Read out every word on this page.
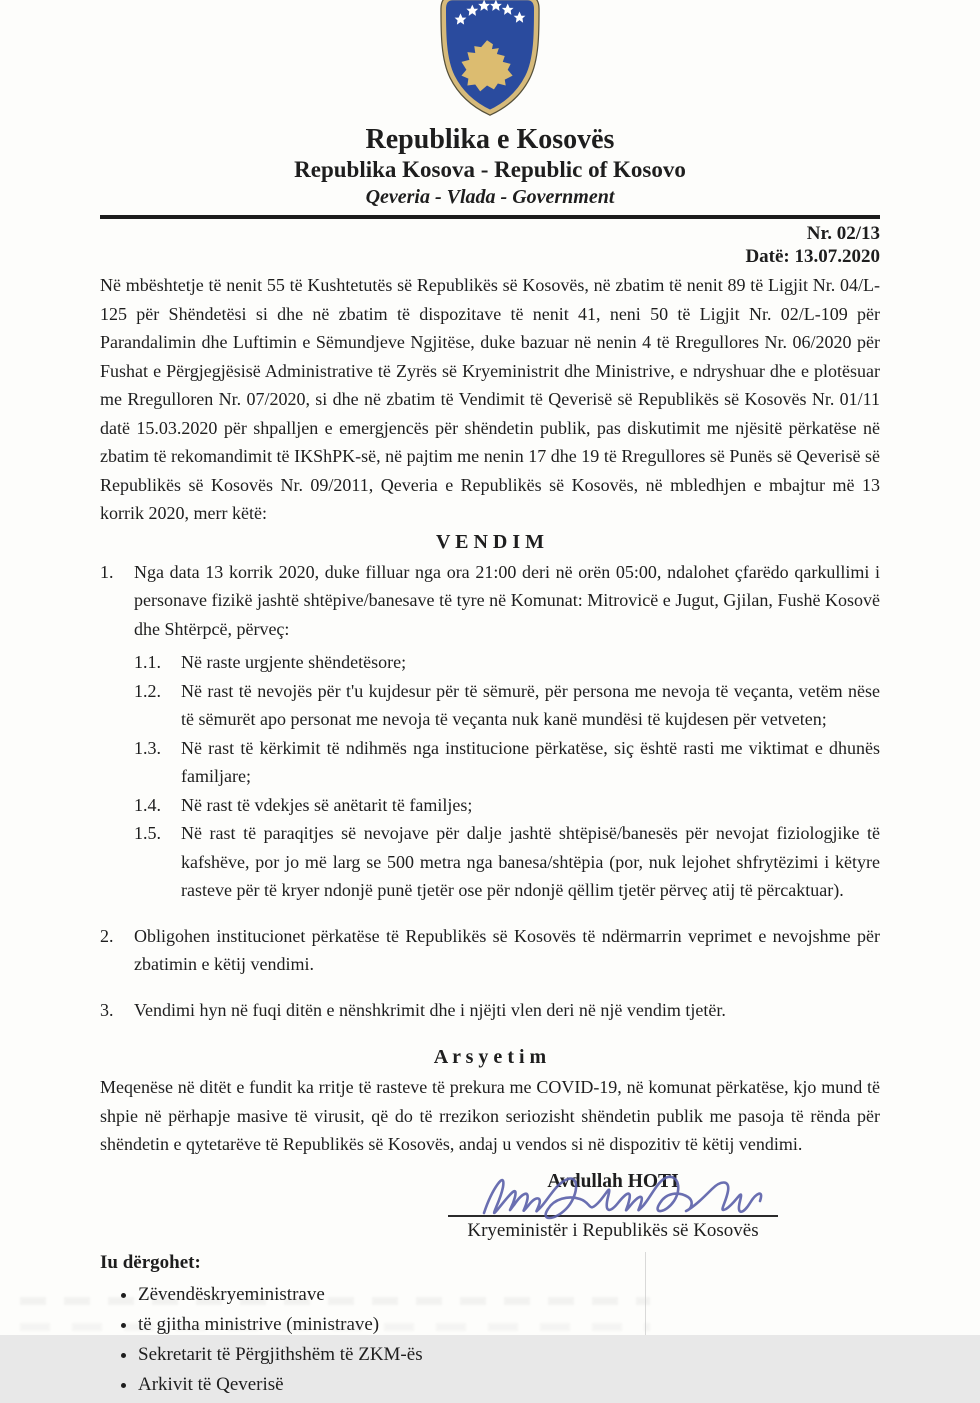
Republika e Kosovës
Republika Kosova - Republic of Kosovo
Qeveria - Vlada - Government
Nr. 02/13
Datë: 13.07.2020
Në mbështetje të nenit 55 të Kushtetutës së Republikës së Kosovës, në zbatim të nenit 89 të Ligjit Nr. 04/L-125 për Shëndetësi si dhe në zbatim të dispozitave të nenit 41, neni 50 të Ligjit Nr. 02/L-109 për Parandalimin dhe Luftimin e Sëmundjeve Ngjitëse, duke bazuar në nenin 4 të Rregullores Nr. 06/2020 për Fushat e Përgjegjësisë Administrative të Zyrës së Kryeministrit dhe Ministrive, e ndryshuar dhe e plotësuar me Rregulloren Nr. 07/2020, si dhe në zbatim të Vendimit të Qeverisë së Republikës së Kosovës Nr. 01/11 datë 15.03.2020 për shpalljen e emergjencës për shëndetin publik, pas diskutimit me njësitë përkatëse në zbatim të rekomandimit të IKShPK-së, në pajtim me nenin 17 dhe 19 të Rregullores së Punës së Qeverisë së Republikës së Kosovës Nr. 09/2011, Qeveria e Republikës së Kosovës, në mbledhjen e mbajtur më 13 korrik 2020, merr këtë:
V E N D I M
1.	Nga data 13 korrik 2020, duke filluar nga ora 21:00 deri në orën 05:00, ndalohet çfarëdo qarkullimi i personave fizikë jashtë shtëpive/banesave të tyre në Komunat: Mitrovicë e Jugut, Gjilan, Fushë Kosovë dhe Shtërpcë, përveç:
1.1.	Në raste urgjente shëndetësore;
1.2.	Në rast të nevojës për t'u kujdesur për të sëmurë, për persona me nevoja të veçanta, vetëm nëse të sëmurët apo personat me nevoja të veçanta nuk kanë mundësi të kujdesen për vetveten;
1.3.	Në rast të kërkimit të ndihmës nga institucione përkatëse, siç është rasti me viktimat e dhunës familjare;
1.4.	Në rast të vdekjes së anëtarit të familjes;
1.5.	Në rast të paraqitjes së nevojave për dalje jashtë shtëpisë/banesës për nevojat fiziologjike të kafshëve, por jo më larg se 500 metra nga banesa/shtëpia (por, nuk lejohet shfrytëzimi i këtyre rasteve për të kryer ndonjë punë tjetër ose për ndonjë qëllim tjetër përveç atij të përcaktuar).
2.	Obligohen institucionet përkatëse të Republikës së Kosovës të ndërmarrin veprimet e nevojshme për zbatimin e këtij vendimi.
3.	Vendimi hyn në fuqi ditën e nënshkrimit dhe i njëjti vlen deri në një vendim tjetër.
A r s y e t i m
Meqenëse në ditët e fundit ka rritje të rasteve të prekura me COVID-19, në komunat përkatëse, kjo mund të shpie në përhapje masive të virusit, që do të rrezikon seriozisht shëndetin publik me pasoja të rënda për shëndetin e qytetarëve të Republikës së Kosovës, andaj u vendos si në dispozitiv të këtij vendimi.
Avdullah HOTI
Kryeministër i Republikës së Kosovës
Iu dërgohet:
• Zëvendëskryeministrave
• të gjitha ministrive (ministrave)
• Sekretarit të Përgjithshëm të ZKM-ës
• Arkivit të Qeverisë
